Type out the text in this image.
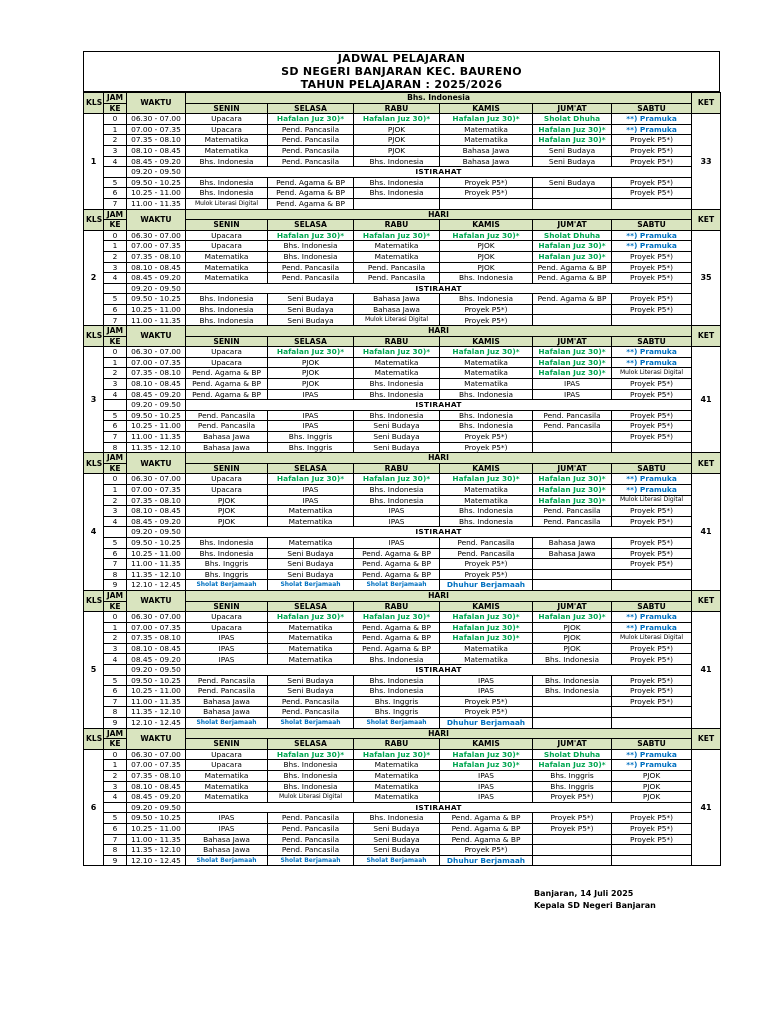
JADWAL PELAJARAN
SD NEGERI BANJARAN KEC. BAURENO
TAHUN PELAJARAN : 2025/2026
KLS	JAM	WAKTU	Bhs. Indonesia						KET
	KE		SENIN	SELASA	RABU	KAMIS	JUM'AT	SABTU	
1	0	06.30 - 07.00	Upacara	Hafalan Juz 30)*	Hafalan Juz 30)*	Hafalan Juz 30)*	Sholat Dhuha	**) Pramuka	33
	1	07.00 - 07.35	Upacara	Pend. Pancasila	PJOK	Matematika	Hafalan Juz 30)*	**) Pramuka	
	2	07.35 - 08.10	Matematika	Pend. Pancasila	PJOK	Matematika	Hafalan Juz 30)*	Proyek P5*)	
	3	08.10 - 08.45	Matematika	Pend. Pancasila	PJOK	Bahasa Jawa	Seni Budaya	Proyek P5*)	
	4	08.45 - 09.20	Bhs. Indonesia	Pend. Pancasila	Bhs. Indonesia	Bahasa Jawa	Seni Budaya	Proyek P5*)	
		09.20 - 09.50	ISTIRAHAT						
	5	09.50 - 10.25	Bhs. Indonesia	Pend. Agama & BP	Bhs. Indonesia	Proyek P5*)	Seni Budaya	Proyek P5*)	
	6	10.25 - 11.00	Bhs. Indonesia	Pend. Agama & BP	Bhs. Indonesia	Proyek P5*)		Proyek P5*)	
	7	11.00 - 11.35	Mulok Literasi Digital	Pend. Agama & BP					
KLS	JAM	WAKTU	HARI						KET
	KE		SENIN	SELASA	RABU	KAMIS	JUM'AT	SABTU	
2	0	06.30 - 07.00	Upacara	Hafalan Juz 30)*	Hafalan Juz 30)*	Hafalan Juz 30)*	Sholat Dhuha	**) Pramuka	35
	1	07.00 - 07.35	Upacara	Bhs. Indonesia	Matematika	PJOK	Hafalan Juz 30)*	**) Pramuka	
	2	07.35 - 08.10	Matematika	Bhs. Indonesia	Matematika	PJOK	Hafalan Juz 30)*	Proyek P5*)	
	3	08.10 - 08.45	Matematika	Pend. Pancasila	Pend. Pancasila	PJOK	Pend. Agama & BP	Proyek P5*)	
	4	08.45 - 09.20	Matematika	Pend. Pancasila	Pend. Pancasila	Bhs. Indonesia	Pend. Agama & BP	Proyek P5*)	
		09.20 - 09.50	ISTIRAHAT						
	5	09.50 - 10.25	Bhs. Indonesia	Seni Budaya	Bahasa Jawa	Bhs. Indonesia	Pend. Agama & BP	Proyek P5*)	
	6	10.25 - 11.00	Bhs. Indonesia	Seni Budaya	Bahasa Jawa	Proyek P5*)		Proyek P5*)	
	7	11.00 - 11.35	Bhs. Indonesia	Seni Budaya	Mulok Literasi Digital	Proyek P5*)			
KLS	JAM	WAKTU	HARI						KET
	KE		SENIN	SELASA	RABU	KAMIS	JUM'AT	SABTU	
3	0	06.30 - 07.00	Upacara	Hafalan Juz 30)*	Hafalan Juz 30)*	Hafalan Juz 30)*	Hafalan Juz 30)*	**) Pramuka	41
	1	07.00 - 07.35	Upacara	PJOK	Matematika	Matematika	Hafalan Juz 30)*	**) Pramuka	
	2	07.35 - 08.10	Pend. Agama & BP	PJOK	Matematika	Matematika	Hafalan Juz 30)*	Mulok Literasi Digital	
	3	08.10 - 08.45	Pend. Agama & BP	PJOK	Bhs. Indonesia	Matematika	IPAS	Proyek P5*)	
	4	08.45 - 09.20	Pend. Agama & BP	IPAS	Bhs. Indonesia	Bhs. Indonesia	IPAS	Proyek P5*)	
		09.20 - 09.50	ISTIRAHAT						
	5	09.50 - 10.25	Pend. Pancasila	IPAS	Bhs. Indonesia	Bhs. Indonesia	Pend. Pancasila	Proyek P5*)	
	6	10.25 - 11.00	Pend. Pancasila	IPAS	Seni Budaya	Bhs. Indonesia	Pend. Pancasila	Proyek P5*)	
	7	11.00 - 11.35	Bahasa Jawa	Bhs. Inggris	Seni Budaya	Proyek P5*)		Proyek P5*)	
	8	11.35 - 12.10	Bahasa Jawa	Bhs. Inggris	Seni Budaya	Proyek P5*)			
KLS	JAM	WAKTU	HARI						KET
	KE		SENIN	SELASA	RABU	KAMIS	JUM'AT	SABTU	
4	0	06.30 - 07.00	Upacara	Hafalan Juz 30)*	Hafalan Juz 30)*	Hafalan Juz 30)*	Hafalan Juz 30)*	**) Pramuka	41
	1	07.00 - 07.35	Upacara	IPAS	Bhs. Indonesia	Matematika	Hafalan Juz 30)*	**) Pramuka	
	2	07.35 - 08.10	PJOK	IPAS	Bhs. Indonesia	Matematika	Hafalan Juz 30)*	Mulok Literasi Digital	
	3	08.10 - 08.45	PJOK	Matematika	IPAS	Bhs. Indonesia	Pend. Pancasila	Proyek P5*)	
	4	08.45 - 09.20	PJOK	Matematika	IPAS	Bhs. Indonesia	Pend. Pancasila	Proyek P5*)	
		09.20 - 09.50	ISTIRAHAT						
	5	09.50 - 10.25	Bhs. Indonesia	Matematika	IPAS	Pend. Pancasila	Bahasa Jawa	Proyek P5*)	
	6	10.25 - 11.00	Bhs. Indonesia	Seni Budaya	Pend. Agama & BP	Pend. Pancasila	Bahasa Jawa	Proyek P5*)	
	7	11.00 - 11.35	Bhs. Inggris	Seni Budaya	Pend. Agama & BP	Proyek P5*)		Proyek P5*)	
	8	11.35 - 12.10	Bhs. Inggris	Seni Budaya	Pend. Agama & BP	Proyek P5*)			
	9	12.10 - 12.45	Sholat Berjamaah	Sholat Berjamaah	Sholat Berjamaah	Dhuhur Berjamaah			
KLS	JAM	WAKTU	HARI						KET
	KE		SENIN	SELASA	RABU	KAMIS	JUM'AT	SABTU	
5	0	06.30 - 07.00	Upacara	Hafalan Juz 30)*	Hafalan Juz 30)*	Hafalan Juz 30)*	Hafalan Juz 30)*	**) Pramuka	41
	1	07.00 - 07.35	Upacara	Matematika	Pend. Agama & BP	Hafalan Juz 30)*	PJOK	**) Pramuka	
	2	07.35 - 08.10	IPAS	Matematika	Pend. Agama & BP	Hafalan Juz 30)*	PJOK	Mulok Literasi Digital	
	3	08.10 - 08.45	IPAS	Matematika	Pend. Agama & BP	Matematika	PJOK	Proyek P5*)	
	4	08.45 - 09.20	IPAS	Matematika	Bhs. Indonesia	Matematika	Bhs. Indonesia	Proyek P5*)	
		09.20 - 09.50	ISTIRAHAT						
	5	09.50 - 10.25	Pend. Pancasila	Seni Budaya	Bhs. Indonesia	IPAS	Bhs. Indonesia	Proyek P5*)	
	6	10.25 - 11.00	Pend. Pancasila	Seni Budaya	Bhs. Indonesia	IPAS	Bhs. Indonesia	Proyek P5*)	
	7	11.00 - 11.35	Bahasa Jawa	Pend. Pancasila	Bhs. Inggris	Proyek P5*)		Proyek P5*)	
	8	11.35 - 12.10	Bahasa Jawa	Pend. Pancasila	Bhs. Inggris	Proyek P5*)			
	9	12.10 - 12.45	Sholat Berjamaah	Sholat Berjamaah	Sholat Berjamaah	Dhuhur Berjamaah			
KLS	JAM	WAKTU	HARI						KET
	KE		SENIN	SELASA	RABU	KAMIS	JUM'AT	SABTU	
6	0	06.30 - 07.00	Upacara	Hafalan Juz 30)*	Hafalan Juz 30)*	Hafalan Juz 30)*	Sholat Dhuha	**) Pramuka	41
	1	07.00 - 07.35	Upacara	Bhs. Indonesia	Matematika	Hafalan Juz 30)*	Hafalan Juz 30)*	**) Pramuka	
	2	07.35 - 08.10	Matematika	Bhs. Indonesia	Matematika	IPAS	Bhs. Inggris	PJOK	
	3	08.10 - 08.45	Matematika	Bhs. Indonesia	Matematika	IPAS	Bhs. Inggris	PJOK	
	4	08.45 - 09.20	Matematika	Mulok Literasi Digital	Matematika	IPAS	Proyek P5*)	PJOK	
		09.20 - 09.50	ISTIRAHAT						
	5	09.50 - 10.25	IPAS	Pend. Pancasila	Bhs. Indonesia	Pend. Agama & BP	Proyek P5*)	Proyek P5*)	
	6	10.25 - 11.00	IPAS	Pend. Pancasila	Seni Budaya	Pend. Agama & BP	Proyek P5*)	Proyek P5*)	
	7	11.00 - 11.35	Bahasa Jawa	Pend. Pancasila	Seni Budaya	Pend. Agama & BP		Proyek P5*)	
	8	11.35 - 12.10	Bahasa Jawa	Pend. Pancasila	Seni Budaya	Proyek P5*)			
	9	12.10 - 12.45	Sholat Berjamaah	Sholat Berjamaah	Sholat Berjamaah	Dhuhur Berjamaah			
Banjaran, 14 Juli 2025
Kepala SD Negeri Banjaran
